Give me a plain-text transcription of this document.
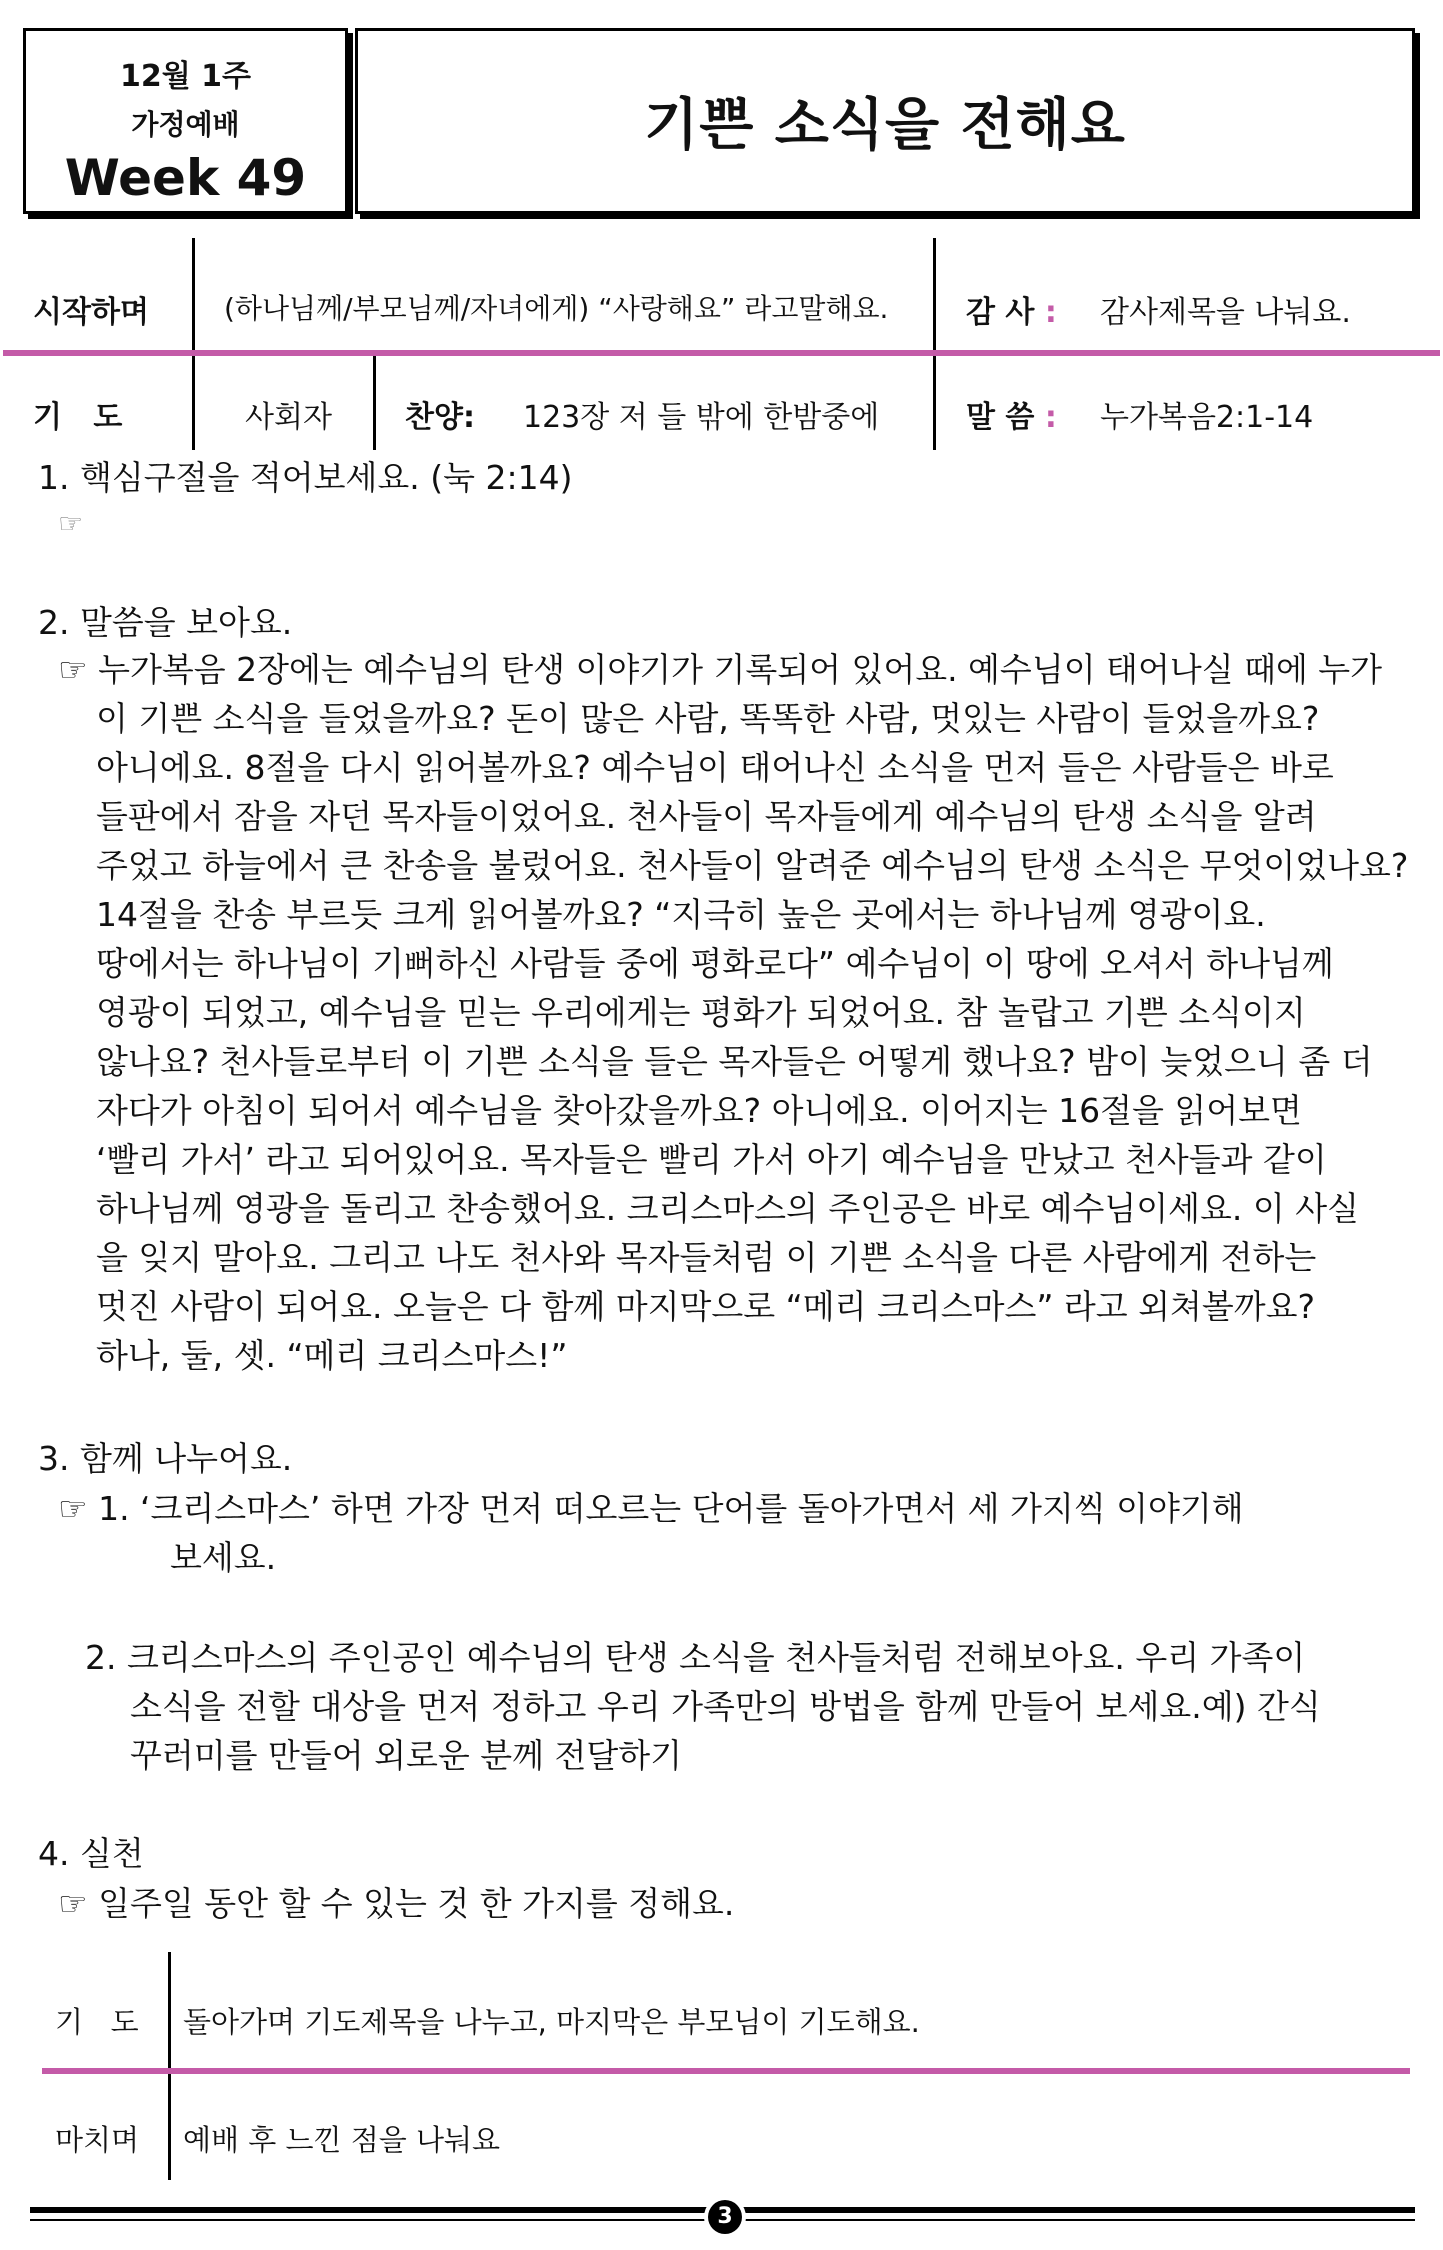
12월 1주
가정예배
Week 49
기쁜 소식을 전해요
시작하며	(하나님께/부모님께/자녀에게) “사랑해요” 라고말해요.	감 사 : 감사제목을 나눠요.
기   도	사회자 찬양: 123장 저 들 밖에 한밤중에	말 씀 : 누가복음2:1-14
1. 핵심구절을 적어보세요. (눅 2:14)
☞
2. 말씀을 보아요.
☞ 누가복음 2장에는 예수님의 탄생 이야기가 기록되어 있어요. 예수님이 태어나실 때에 누가
이 기쁜 소식을 들었을까요? 돈이 많은 사람, 똑똑한 사람, 멋있는 사람이 들었을까요?
아니에요. 8절을 다시 읽어볼까요? 예수님이 태어나신 소식을 먼저 들은 사람들은 바로
들판에서 잠을 자던 목자들이었어요. 천사들이 목자들에게 예수님의 탄생 소식을 알려
주었고 하늘에서 큰 찬송을 불렀어요. 천사들이 알려준 예수님의 탄생 소식은 무엇이었나요?
14절을 찬송 부르듯 크게 읽어볼까요? “지극히 높은 곳에서는 하나님께 영광이요.
땅에서는 하나님이 기뻐하신 사람들 중에 평화로다” 예수님이 이 땅에 오셔서 하나님께
영광이 되었고, 예수님을 믿는 우리에게는 평화가 되었어요. 참 놀랍고 기쁜 소식이지
않나요? 천사들로부터 이 기쁜 소식을 들은 목자들은 어떻게 했나요? 밤이 늦었으니 좀 더
자다가 아침이 되어서 예수님을 찾아갔을까요? 아니에요. 이어지는 16절을 읽어보면
‘빨리 가서’ 라고 되어있어요. 목자들은 빨리 가서 아기 예수님을 만났고 천사들과 같이
하나님께 영광을 돌리고 찬송했어요. 크리스마스의 주인공은 바로 예수님이세요. 이 사실
을 잊지 말아요. 그리고 나도 천사와 목자들처럼 이 기쁜 소식을 다른 사람에게 전하는
멋진 사람이 되어요. 오늘은 다 함께 마지막으로 “메리 크리스마스” 라고 외쳐볼까요?
하나, 둘, 셋. “메리 크리스마스!”
3. 함께 나누어요.
☞ 1. ‘크리스마스’ 하면 가장 먼저 떠오르는 단어를 돌아가면서 세 가지씩 이야기해
보세요.
2. 크리스마스의 주인공인 예수님의 탄생 소식을 천사들처럼 전해보아요. 우리 가족이
소식을 전할 대상을 먼저 정하고 우리 가족만의 방법을 함께 만들어 보세요.예) 간식
꾸러미를 만들어 외로운 분께 전달하기
4. 실천
☞ 일주일 동안 할 수 있는 것 한 가지를 정해요.
기   도 돌아가며 기도제목을 나누고, 마지막은 부모님이 기도해요.
마치며 예배 후 느낀 점을 나눠요
3
